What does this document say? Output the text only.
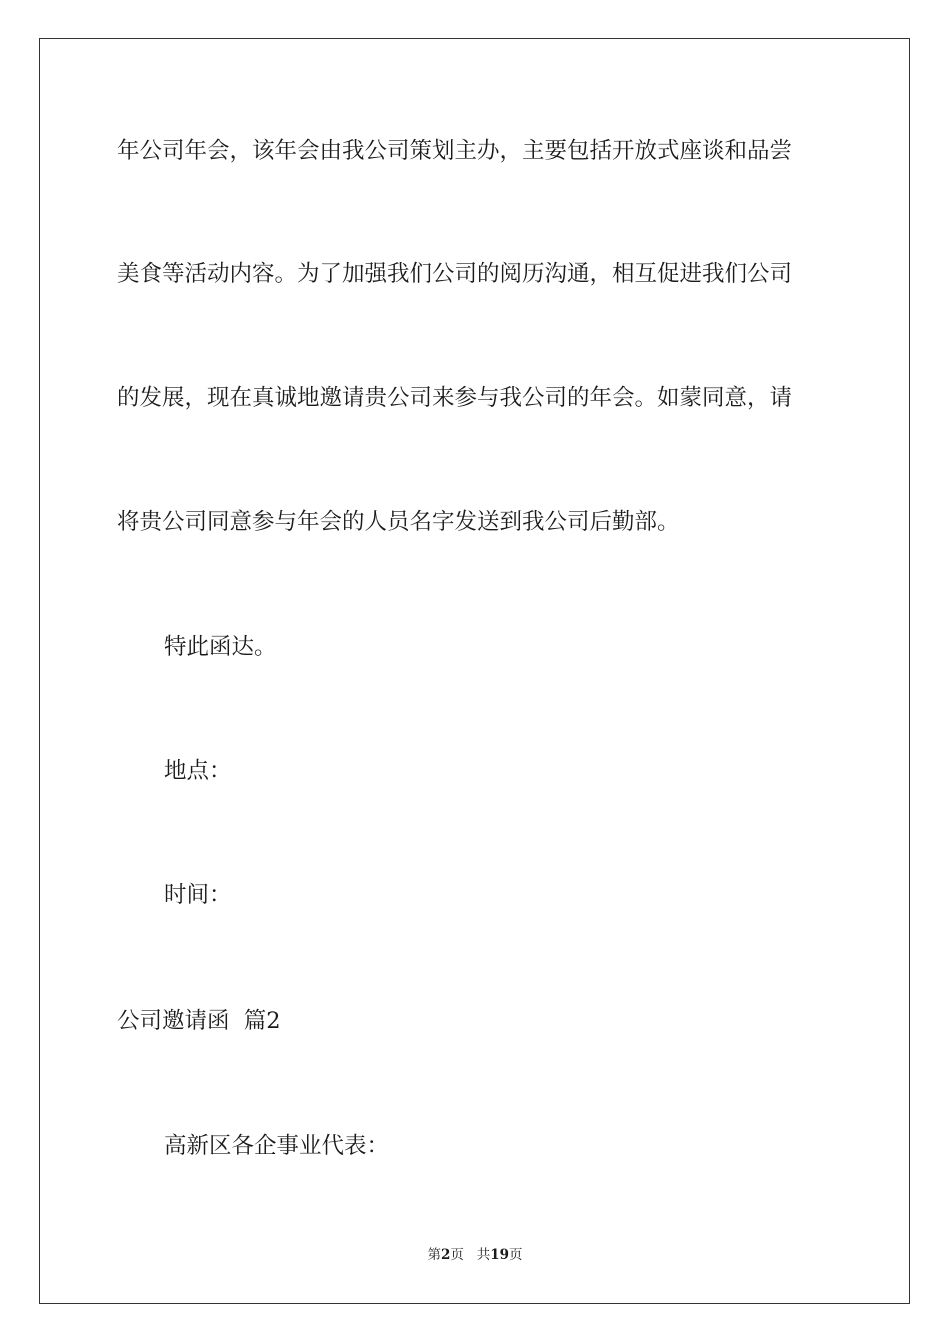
年公司年会，该年会由我公司策划主办，主要包括开放式座谈和品尝
美食等活动内容。为了加强我们公司的阅历沟通，相互促进我们公司
的发展，现在真诚地邀请贵公司来参与我公司的年会。如蒙同意，请
将贵公司同意参与年会的人员名字发送到我公司后勤部。
特此函达。
地点：
时间：
公司邀请函  篇2
高新区各企事业代表：
第2页 共19页
